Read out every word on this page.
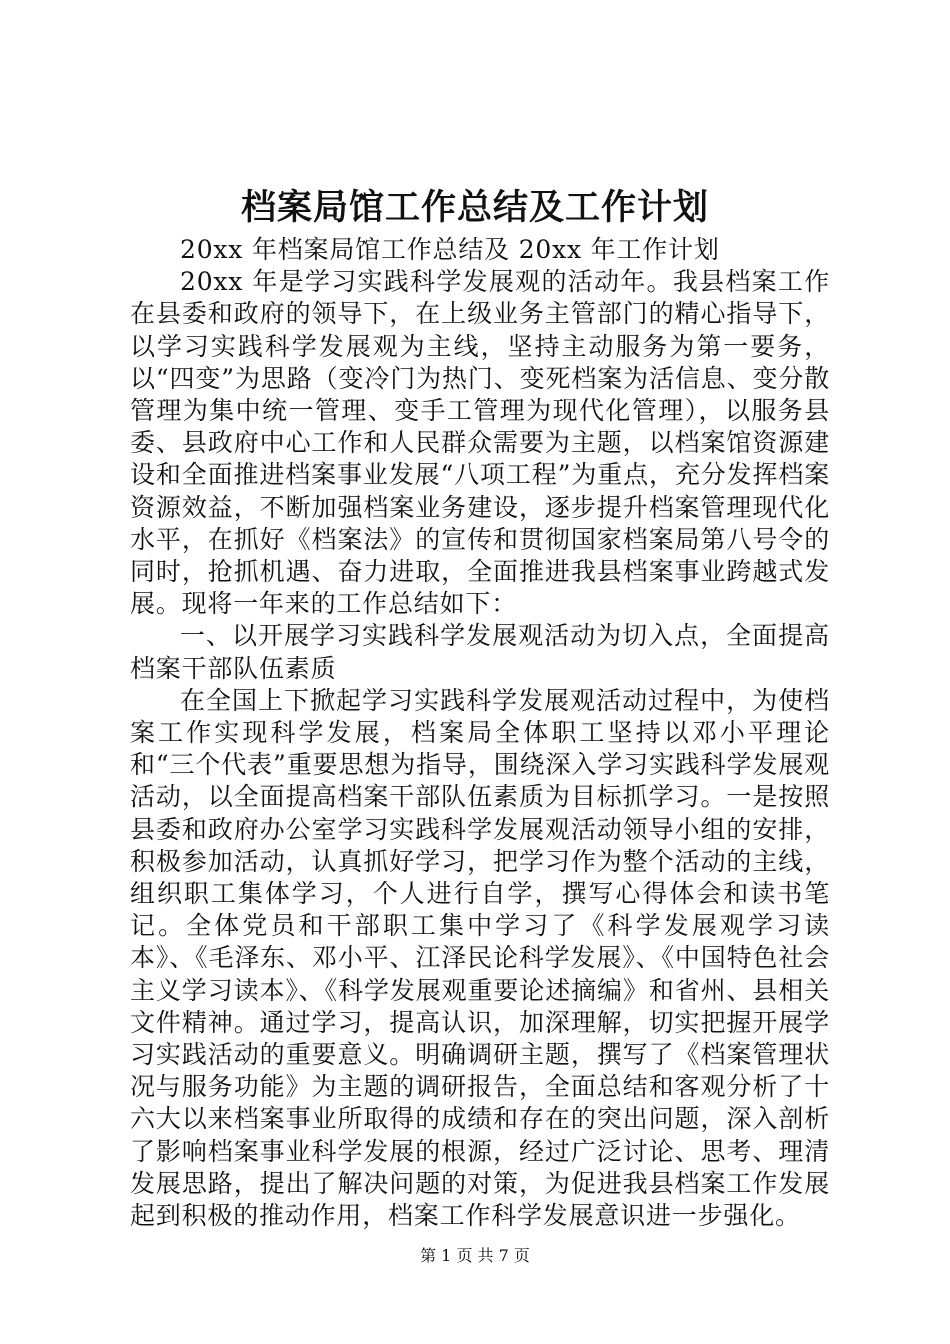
档案局馆工作总结及工作计划

20xx 年档案局馆工作总结及 20xx 年工作计划

20xx 年是学习实践科学发展观的活动年。我县档案工作在县委和政府的领导下，在上级业务主管部门的精心指导下，以学习实践科学发展观为主线，坚持主动服务为第一要务，以“四变”为思路（变冷门为热门、变死档案为活信息、变分散管理为集中统一管理、变手工管理为现代化管理），以服务县委、县政府中心工作和人民群众需要为主题，以档案馆资源建设和全面推进档案事业发展“八项工程”为重点，充分发挥档案资源效益，不断加强档案业务建设，逐步提升档案管理现代化水平，在抓好《档案法》的宣传和贯彻国家档案局第八号令的同时，抢抓机遇、奋力进取，全面推进我县档案事业跨越式发展。现将一年来的工作总结如下：

一、以开展学习实践科学发展观活动为切入点，全面提高档案干部队伍素质

在全国上下掀起学习实践科学发展观活动过程中，为使档案工作实现科学发展，档案局全体职工坚持以邓小平理论和“三个代表”重要思想为指导，围绕深入学习实践科学发展观活动，以全面提高档案干部队伍素质为目标抓学习。一是按照县委和政府办公室学习实践科学发展观活动领导小组的安排，积极参加活动，认真抓好学习，把学习作为整个活动的主线，组织职工集体学习，个人进行自学，撰写心得体会和读书笔记。全体党员和干部职工集中学习了《科学发展观学习读本》、《毛泽东、邓小平、江泽民论科学发展》、《中国特色社会主义学习读本》、《科学发展观重要论述摘编》和省州、县相关文件精神。通过学习，提高认识，加深理解，切实把握开展学习实践活动的重要意义。明确调研主题，撰写了《档案管理状况与服务功能》为主题的调研报告，全面总结和客观分析了十六大以来档案事业所取得的成绩和存在的突出问题，深入剖析了影响档案事业科学发展的根源，经过广泛讨论、思考、理清发展思路，提出了解决问题的对策，为促进我县档案工作发展起到积极的推动作用，档案工作科学发展意识进一步强化。

第 1 页 共 7 页
